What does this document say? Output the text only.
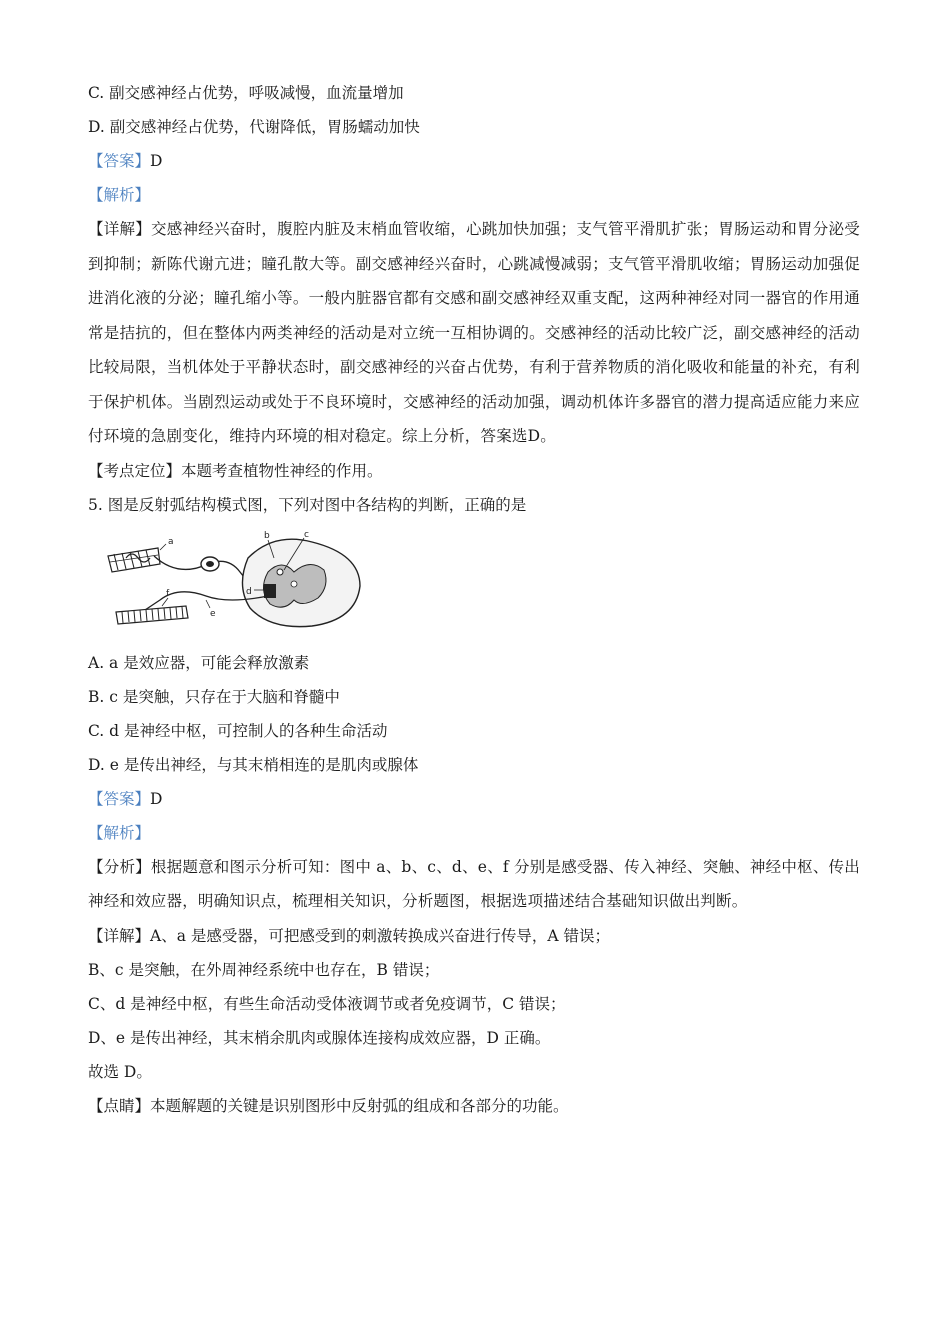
C. 副交感神经占优势，呼吸减慢，血流量增加
D. 副交感神经占优势，代谢降低，胃肠蠕动加快
【答案】D
【解析】
【详解】交感神经兴奋时，腹腔内脏及末梢血管收缩，心跳加快加强；支气管平滑肌扩张；胃肠运动和胃分泌受到抑制；新陈代谢亢进；瞳孔散大等。副交感神经兴奋时，心跳减慢减弱；支气管平滑肌收缩；胃肠运动加强促进消化液的分泌；瞳孔缩小等。一般内脏器官都有交感和副交感神经双重支配，这两种神经对同一器官的作用通常是拮抗的，但在整体内两类神经的活动是对立统一互相协调的。交感神经的活动比较广泛，副交感神经的活动比较局限，当机体处于平静状态时，副交感神经的兴奋占优势，有利于营养物质的消化吸收和能量的补充，有利于保护机体。当剧烈运动或处于不良环境时，交感神经的活动加强，调动机体许多器官的潜力提高适应能力来应付环境的急剧变化，维持内环境的相对稳定。综上分析，答案选D。
【考点定位】本题考查植物性神经的作用。
5. 图是反射弧结构模式图，下列对图中各结构的判断，正确的是
a
b	c
d
e
f
A. a 是效应器，可能会释放激素
B. c 是突触，只存在于大脑和脊髓中
C. d 是神经中枢，可控制人的各种生命活动
D. e 是传出神经，与其末梢相连的是肌肉或腺体
【答案】D
【解析】
【分析】根据题意和图示分析可知：图中 a、b、c、d、e、f 分别是感受器、传入神经、突触、神经中枢、传出神经和效应器，明确知识点，梳理相关知识，分析题图，根据选项描述结合基础知识做出判断。
【详解】A、a 是感受器，可把感受到的刺激转换成兴奋进行传导，A 错误；
B、c 是突触，在外周神经系统中也存在，B 错误；
C、d 是神经中枢，有些生命活动受体液调节或者免疫调节，C 错误；
D、e 是传出神经，其末梢余肌肉或腺体连接构成效应器，D 正确。
故选 D。
【点睛】本题解题的关键是识别图形中反射弧的组成和各部分的功能。
